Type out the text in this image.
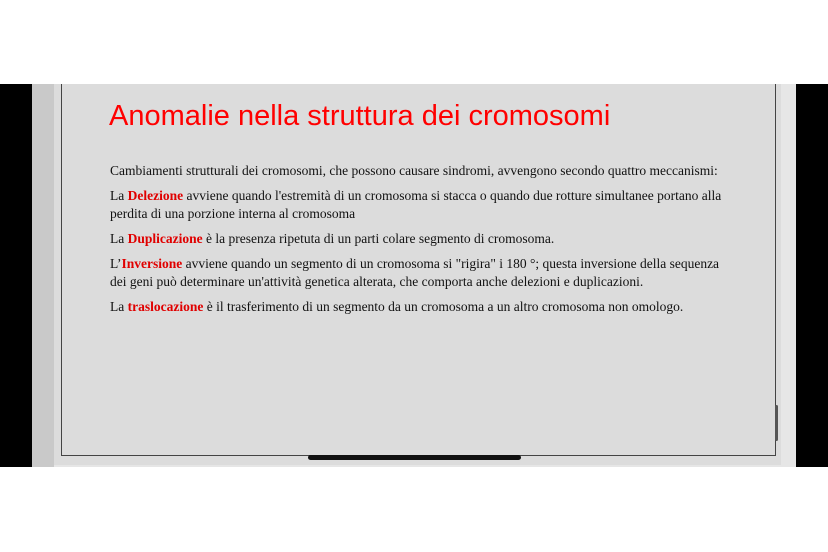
Anomalie nella struttura dei cromosomi

Cambiamenti strutturali dei cromosomi, che possono causare sindromi, avvengono secondo quattro meccanismi:

La Delezione avviene quando l'estremità di un cromosoma si stacca o quando due rotture simultanee portano alla perdita di una porzione interna al cromosoma

La Duplicazione è la presenza ripetuta di un parti colare segmento di cromosoma.

L’Inversione avviene quando un segmento di un cromosoma si "rigira" i 180 °; questa inversione della sequenza dei geni può determinare un'attività genetica alterata, che comporta anche delezioni e duplicazioni.

La traslocazione è il trasferimento di un segmento da un cromosoma a un altro cromosoma non omologo.
